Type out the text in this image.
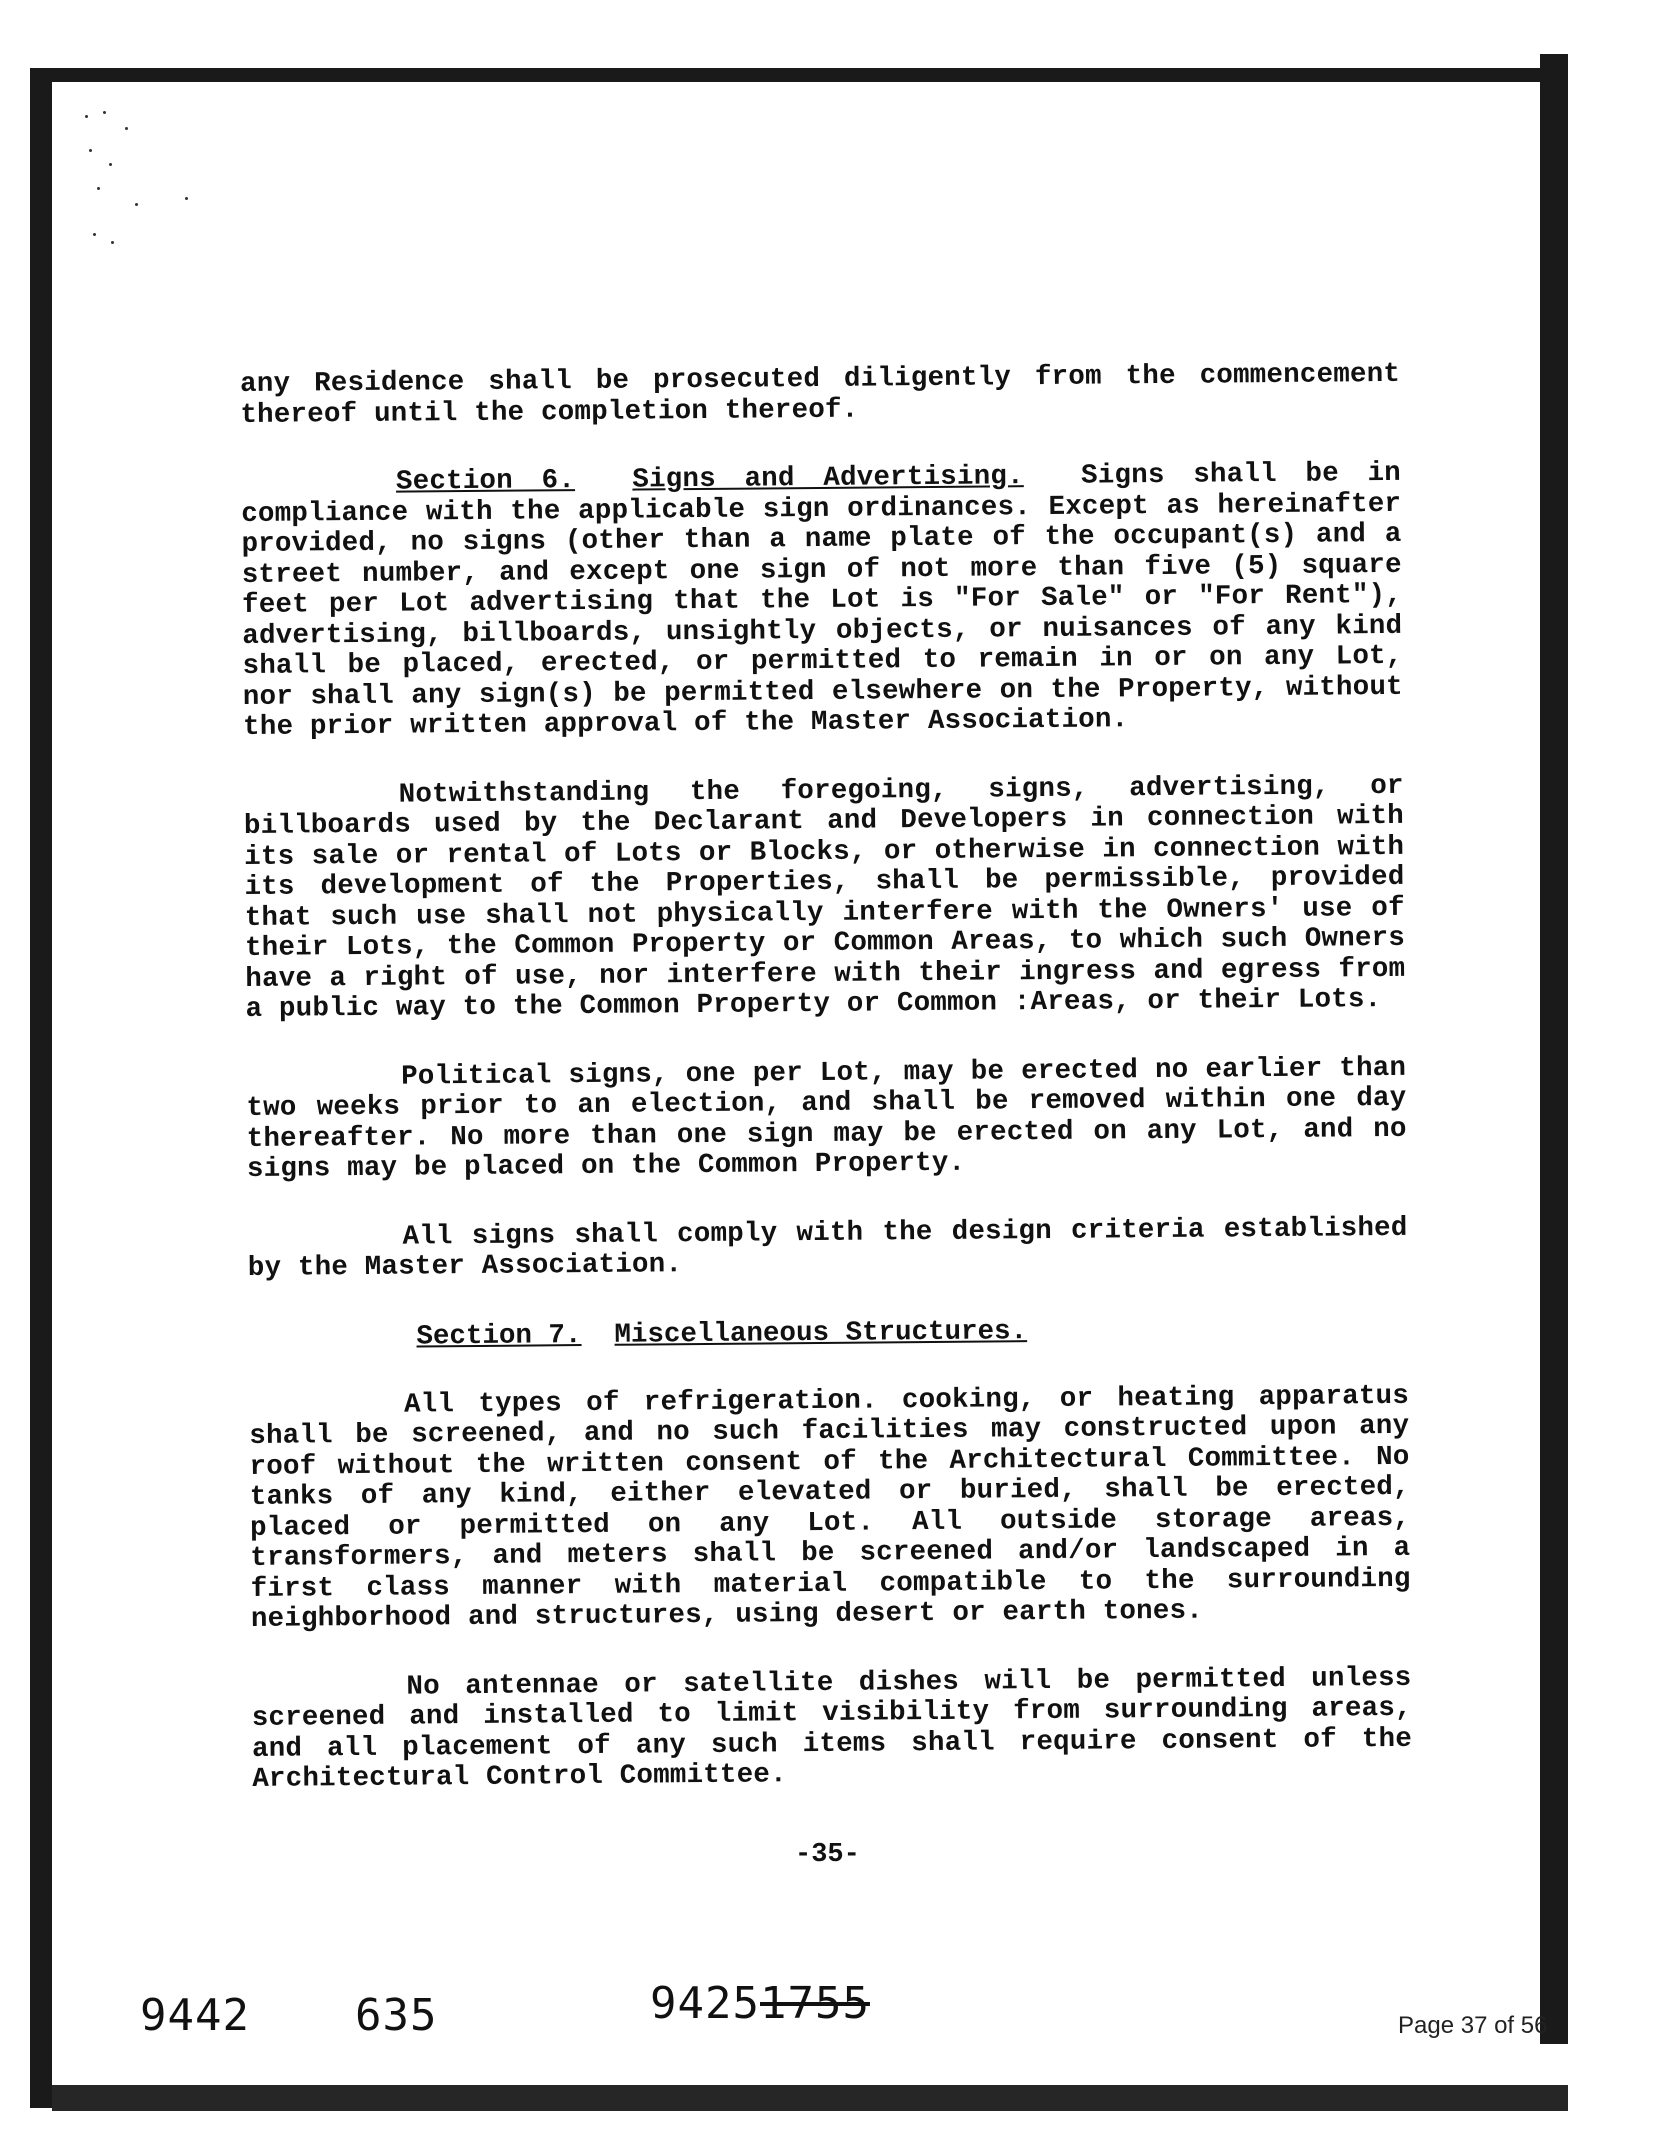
any Residence shall be prosecuted diligently from the commencement thereof until the completion thereof.

Section 6. Signs and Advertising. Signs shall be in compliance with the applicable sign ordinances. Except as hereinafter provided, no signs (other than a name plate of the occupant(s) and a street number, and except one sign of not more than five (5) square feet per Lot advertising that the Lot is "For Sale" or "For Rent"), advertising, billboards, unsightly objects, or nuisances of any kind shall be placed, erected, or permitted to remain in or on any Lot, nor shall any sign(s) be permitted elsewhere on the Property, without the prior written approval of the Master Association.

Notwithstanding the foregoing, signs, advertising, or billboards used by the Declarant and Developers in connection with its sale or rental of Lots or Blocks, or otherwise in connection with its development of the Properties, shall be permissible, provided that such use shall not physically interfere with the Owners' use of their Lots, the Common Property or Common Areas, to which such Owners have a right of use, nor interfere with their ingress and egress from a public way to the Common Property or Common :Areas, or their Lots.

Political signs, one per Lot, may be erected no earlier than two weeks prior to an election, and shall be removed within one day thereafter. No more than one sign may be erected on any Lot, and no signs may be placed on the Common Property.

All signs shall comply with the design criteria established by the Master Association.

Section 7. Miscellaneous Structures.

All types of refrigeration. cooking, or heating apparatus shall be screened, and no such facilities may constructed upon any roof without the written consent of the Architectural Committee. No tanks of any kind, either elevated or buried, shall be erected, placed or permitted on any Lot. All outside storage areas, transformers, and meters shall be screened and/or landscaped in a first class manner with material compatible to the surrounding neighborhood and structures, using desert or earth tones.

No antennae or satellite dishes will be permitted unless screened and installed to limit visibility from surrounding areas, and all placement of any such items shall require consent of the Architectural Control Committee.

-35-
9442 635	9425 1755	Page 37 of 56
